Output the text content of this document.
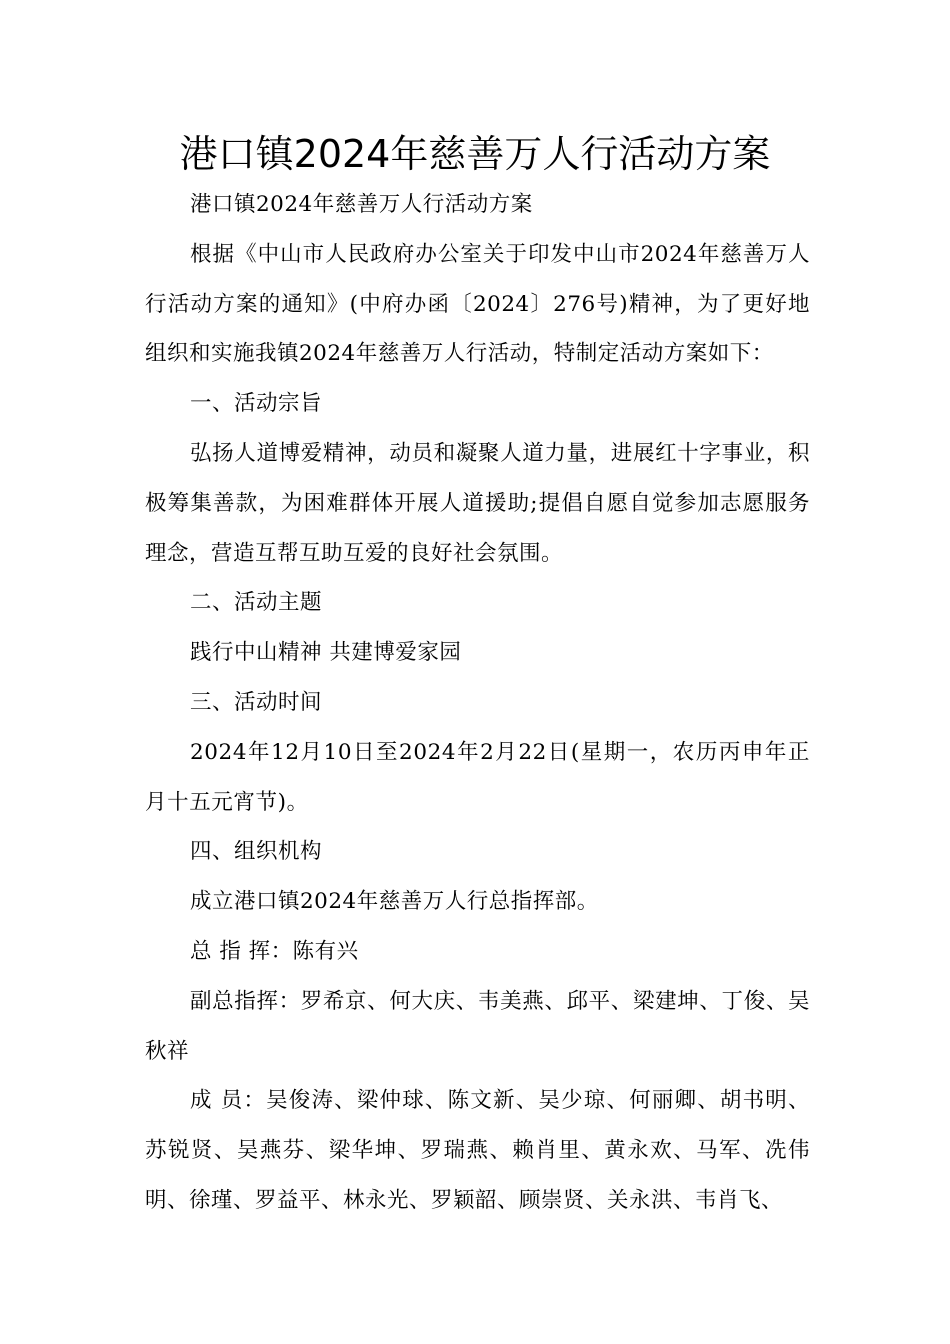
港口镇2024年慈善万人行活动方案

港口镇2024年慈善万人行活动方案

根据《中山市人民政府办公室关于印发中山市2024年慈善万人行活动方案的通知》(中府办函〔2024〕276号)精神，为了更好地组织和实施我镇2024年慈善万人行活动，特制定活动方案如下：

一、活动宗旨

弘扬人道博爱精神，动员和凝聚人道力量，进展红十字事业，积极筹集善款，为困难群体开展人道援助;提倡自愿自觉参加志愿服务理念，营造互帮互助互爱的良好社会氛围。

二、活动主题

践行中山精神 共建博爱家园

三、活动时间

2024年12月10日至2024年2月22日(星期一，农历丙申年正月十五元宵节)。

四、组织机构

成立港口镇2024年慈善万人行总指挥部。

总 指 挥：陈有兴

副总指挥：罗希京、何大庆、韦美燕、邱平、梁建坤、丁俊、吴秋祥

成 员：吴俊涛、梁仲球、陈文新、吴少琼、何丽卿、胡书明、苏锐贤、吴燕芬、梁华坤、罗瑞燕、赖肖里、黄永欢、马军、冼伟明、徐瑾、罗益平、林永光、罗颖韶、顾崇贤、关永洪、韦肖飞、
